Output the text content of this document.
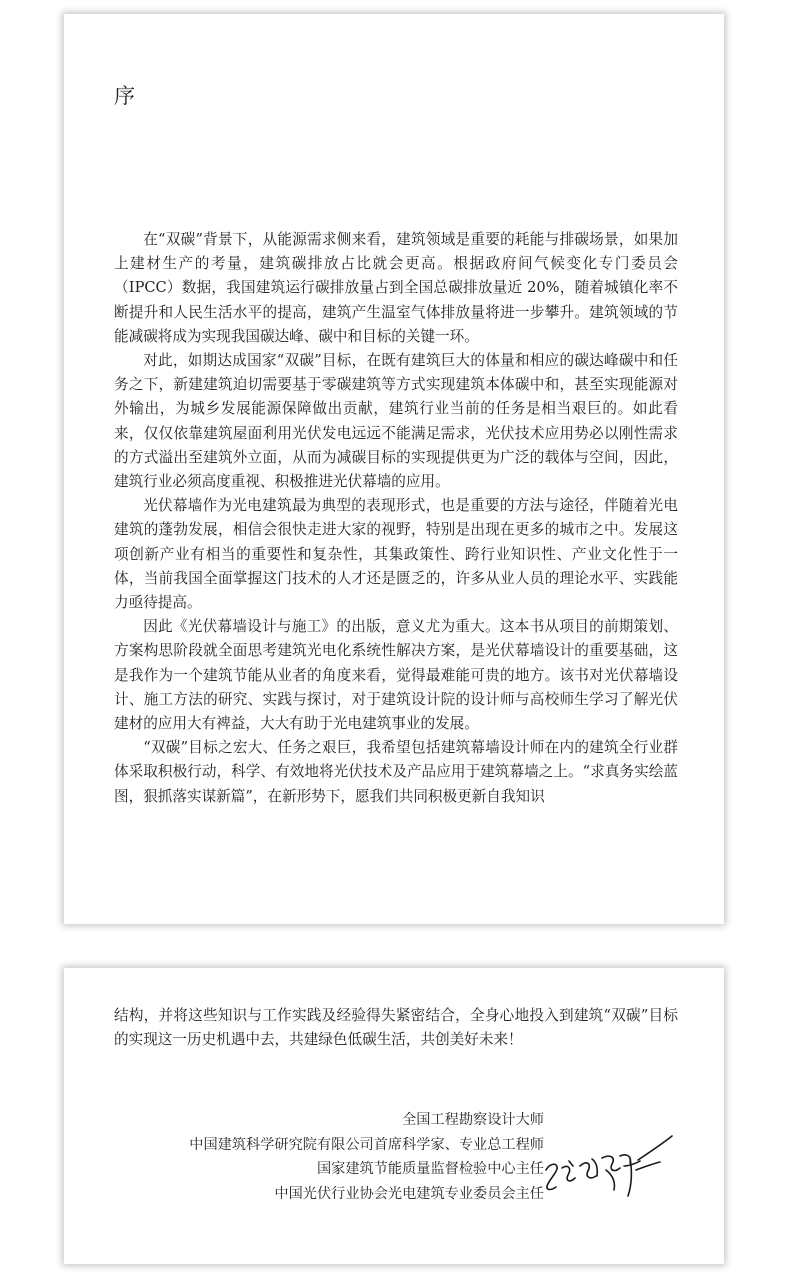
序

在“双碳”背景下，从能源需求侧来看，建筑领域是重要的耗能与排碳场景，如果加上建材生产的考量，建筑碳排放占比就会更高。根据政府间气候变化专门委员会（IPCC）数据，我国建筑运行碳排放量占到全国总碳排放量近 20%，随着城镇化率不断提升和人民生活水平的提高，建筑产生温室气体排放量将进一步攀升。建筑领域的节能减碳将成为实现我国碳达峰、碳中和目标的关键一环。

对此，如期达成国家“双碳”目标，在既有建筑巨大的体量和相应的碳达峰碳中和任务之下，新建建筑迫切需要基于零碳建筑等方式实现建筑本体碳中和，甚至实现能源对外输出，为城乡发展能源保障做出贡献，建筑行业当前的任务是相当艰巨的。如此看来，仅仅依靠建筑屋面利用光伏发电远远不能满足需求，光伏技术应用势必以刚性需求的方式溢出至建筑外立面，从而为减碳目标的实现提供更为广泛的载体与空间，因此，建筑行业必须高度重视、积极推进光伏幕墙的应用。

光伏幕墙作为光电建筑最为典型的表现形式，也是重要的方法与途径，伴随着光电建筑的蓬勃发展，相信会很快走进大家的视野，特别是出现在更多的城市之中。发展这项创新产业有相当的重要性和复杂性，其集政策性、跨行业知识性、产业文化性于一体，当前我国全面掌握这门技术的人才还是匮乏的，许多从业人员的理论水平、实践能力亟待提高。

因此《光伏幕墙设计与施工》的出版，意义尤为重大。这本书从项目的前期策划、方案构思阶段就全面思考建筑光电化系统性解决方案，是光伏幕墙设计的重要基础，这是我作为一个建筑节能从业者的角度来看，觉得最难能可贵的地方。该书对光伏幕墙设计、施工方法的研究、实践与探讨，对于建筑设计院的设计师与高校师生学习了解光伏建材的应用大有裨益，大大有助于光电建筑事业的发展。

“双碳”目标之宏大、任务之艰巨，我希望包括建筑幕墙设计师在内的建筑全行业群体采取积极行动，科学、有效地将光伏技术及产品应用于建筑幕墙之上。“求真务实绘蓝图，狠抓落实谋新篇”，在新形势下，愿我们共同积极更新自我知识

结构，并将这些知识与工作实践及经验得失紧密结合，全身心地投入到建筑“双碳”目标的实现这一历史机遇中去，共建绿色低碳生活，共创美好未来！

全国工程勘察设计大师

中国建筑科学研究院有限公司首席科学家、专业总工程师

国家建筑节能质量监督检验中心主任

中国光伏行业协会光电建筑专业委员会主任
